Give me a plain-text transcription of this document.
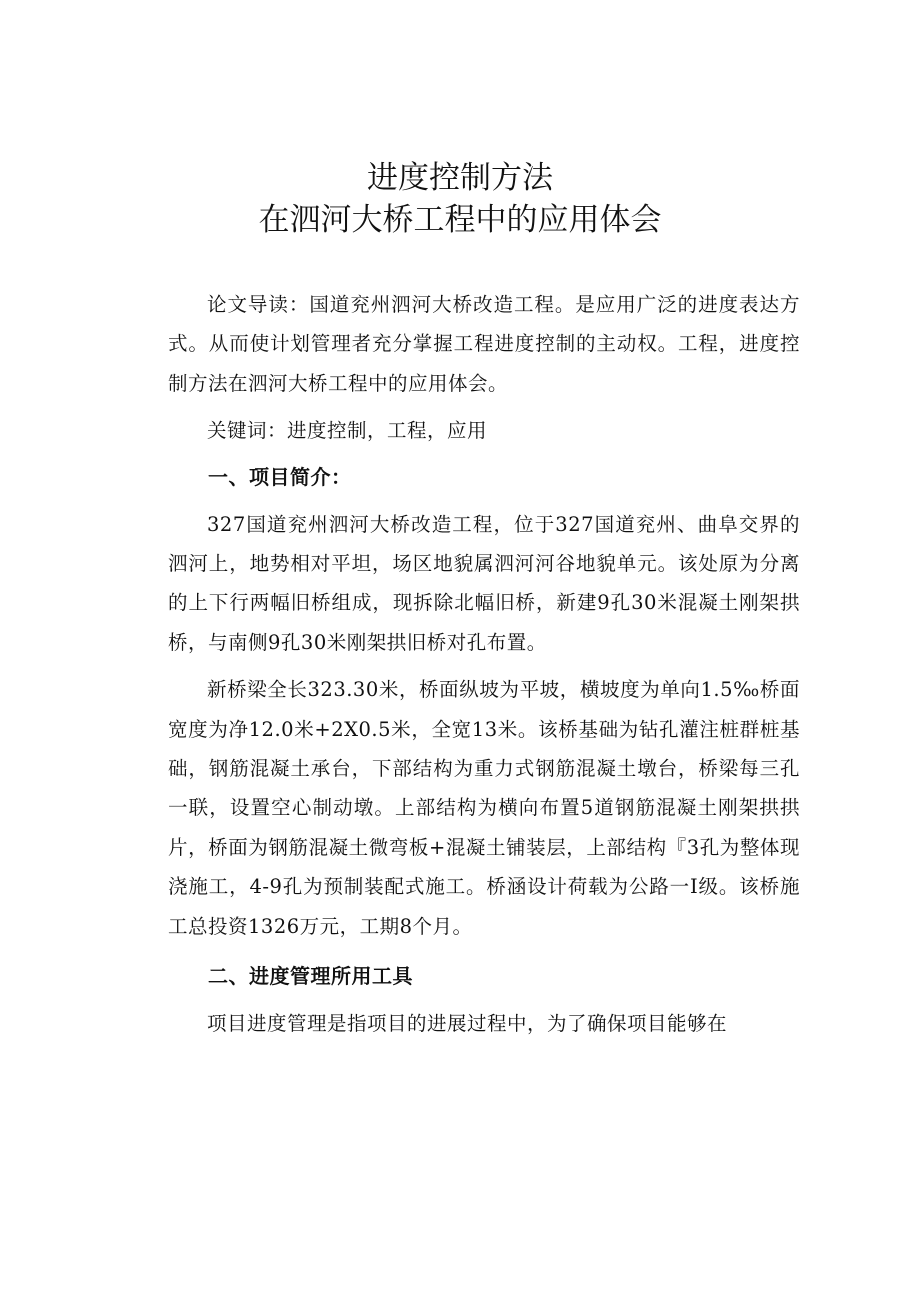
进度控制方法
在泗河大桥工程中的应用体会

论文导读：国道兖州泗河大桥改造工程。是应用广泛的进度表达方式。从而使计划管理者充分掌握工程进度控制的主动权。工程，进度控制方法在泗河大桥工程中的应用体会。

关键词：进度控制，工程，应用

一、项目简介：

327国道兖州泗河大桥改造工程，位于327国道兖州、曲阜交界的泗河上，地势相对平坦，场区地貌属泗河河谷地貌单元。该处原为分离的上下行两幅旧桥组成，现拆除北幅旧桥，新建9孔30米混凝土刚架拱桥，与南侧9孔30米刚架拱旧桥对孔布置。

新桥梁全长323.30米，桥面纵坡为平坡，横坡度为单向1.5‰桥面宽度为净12.0米+2X0.5米，全宽13米。该桥基础为钻孔灌注桩群桩基础，钢筋混凝土承台，下部结构为重力式钢筋混凝土墩台，桥梁每三孔一联，设置空心制动墩。上部结构为横向布置5道钢筋混凝土刚架拱拱片，桥面为钢筋混凝土微弯板+混凝土铺装层，上部结构『3孔为整体现浇施工，4-9孔为预制装配式施工。桥涵设计荷载为公路一Ⅰ级。该桥施工总投资1326万元，工期8个月。

二、进度管理所用工具

项目进度管理是指项目的进展过程中，为了确保项目能够在
